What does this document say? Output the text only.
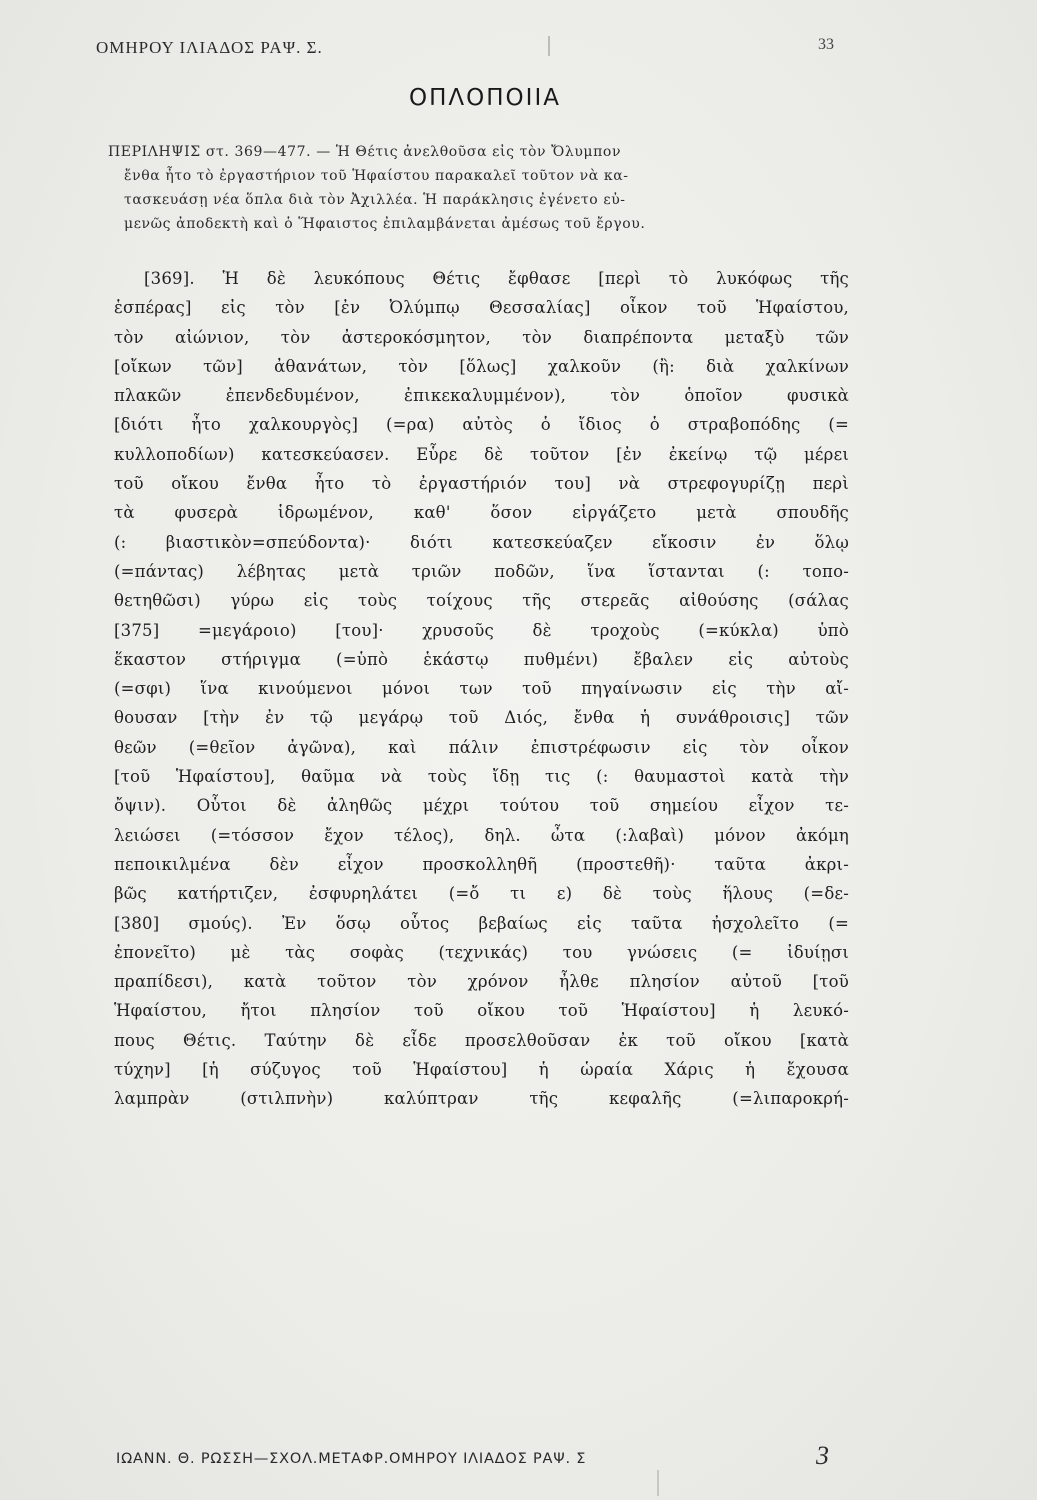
ΟΜΗΡΟΥ ΙΛΙΑΔΟΣ ΡΑΨ. Σ.	33
ΟΠΛΟΠΟΙΙΑ
ΠΕΡΙΛΗΨΙΣ στ. 369—477. — Ἡ Θέτις ἀνελθοῦσα εἰς τὸν Ὄλυμπον
ἔνθα ἦτο τὸ ἐργαστήριον τοῦ Ἡφαίστου παρακαλεῖ τοῦτον νὰ κα-
τασκευάσῃ νέα ὅπλα διὰ τὸν Ἀχιλλέα. Ἡ παράκλησις ἐγένετο εὐ-
μενῶς ἀποδεκτὴ καὶ ὁ Ἥφαιστος ἐπιλαμβάνεται ἀμέσως τοῦ ἔργου.
[369]. Ἡ δὲ λευκόπους Θέτις ἔφθασε [περὶ τὸ λυκόφως τῆς
ἑσπέρας] εἰς τὸν [ἐν Ὀλύμπῳ Θεσσαλίας] οἶκον τοῦ Ἡφαίστου,
τὸν αἰώνιον, τὸν ἀστεροκόσμητον, τὸν διαπρέποντα μεταξὺ τῶν
[οἴκων τῶν] ἀθανάτων, τὸν [ὅλως] χαλκοῦν (ἢ: διὰ χαλκίνων
πλακῶν ἐπενδεδυμένον, ἐπικεκαλυμμένον), τὸν ὁποῖον φυσικὰ
[διότι ἦτο χαλκουργὸς] (=ρα) αὐτὸς ὁ ἴδιος ὁ στραβοπόδης (=
κυλλοποδίων) κατεσκεύασεν. Εὗρε δὲ τοῦτον [ἐν ἐκείνῳ τῷ μέρει
τοῦ οἴκου ἔνθα ἦτο τὸ ἐργαστήριόν του] νὰ στρεφογυρίζῃ περὶ
τὰ φυσερὰ ἱδρωμένον, καθ' ὅσον εἰργάζετο μετὰ σπουδῆς
(: βιαστικὸν=σπεύδοντα)· διότι κατεσκεύαζεν εἴκοσιν ἐν ὅλῳ
(=πάντας) λέβητας μετὰ τριῶν ποδῶν, ἵνα ἵστανται (: τοπο-
θετηθῶσι) γύρω εἰς τοὺς τοίχους τῆς στερεᾶς αἰθούσης (σάλας
[375] =μεγάροιο) [του]· χρυσοῦς δὲ τροχοὺς (=κύκλα) ὑπὸ
ἕκαστον στήριγμα (=ὑπὸ ἑκάστῳ πυθμένι) ἔβαλεν εἰς αὐτοὺς
(=σφι) ἵνα κινούμενοι μόνοι των τοῦ πηγαίνωσιν εἰς τὴν αἴ-
θουσαν [τὴν ἐν τῷ μεγάρῳ τοῦ Διός, ἔνθα ἡ συνάθροισις] τῶν
θεῶν (=θεῖον ἀγῶνα), καὶ πάλιν ἐπιστρέφωσιν εἰς τὸν οἶκον
[τοῦ Ἡφαίστου], θαῦμα νὰ τοὺς ἴδῃ τις (: θαυμαστοὶ κατὰ τὴν
ὄψιν). Οὗτοι δὲ ἀληθῶς μέχρι τούτου τοῦ σημείου εἶχον τε-
λειώσει (=τόσσον ἔχον τέλος), δηλ. ὦτα (:λαβαὶ) μόνον ἀκόμη
πεποικιλμένα δὲν εἶχον προσκολληθῆ (προστεθῆ)· ταῦτα ἀκρι-
βῶς κατήρτιζεν, ἐσφυρηλάτει (=ὄ τι ε) δὲ τοὺς ἥλους (=δε-
[380] σμούς). Ἐν ὅσῳ οὗτος βεβαίως εἰς ταῦτα ἠσχολεῖτο (=
ἐπονεῖτο) μὲ τὰς σοφὰς (τεχνικάς) του γνώσεις (= ἰδυίῃσι
πραπίδεσι), κατὰ τοῦτον τὸν χρόνον ἦλθε πλησίον αὐτοῦ [τοῦ
Ἡφαίστου, ἤτοι πλησίον τοῦ οἴκου τοῦ Ἡφαίστου] ἡ λευκό-
πους Θέτις. Ταύτην δὲ εἶδε προσελθοῦσαν ἐκ τοῦ οἴκου [κατὰ
τύχην] [ἡ σύζυγος τοῦ Ἡφαίστου] ἡ ὡραία Χάρις ἡ ἔχουσα
λαμπρὰν (στιλπνὴν) καλύπτραν τῆς κεφαλῆς (=λιπαροκρή-
ΙΩΑΝΝ. Θ. ΡΩΣΣΗ—ΣΧΟΛ.ΜΕΤΑΦΡ.ΟΜΗΡΟΥ ΙΛΙΑΔΟΣ ΡΑΨ. Σ	3
